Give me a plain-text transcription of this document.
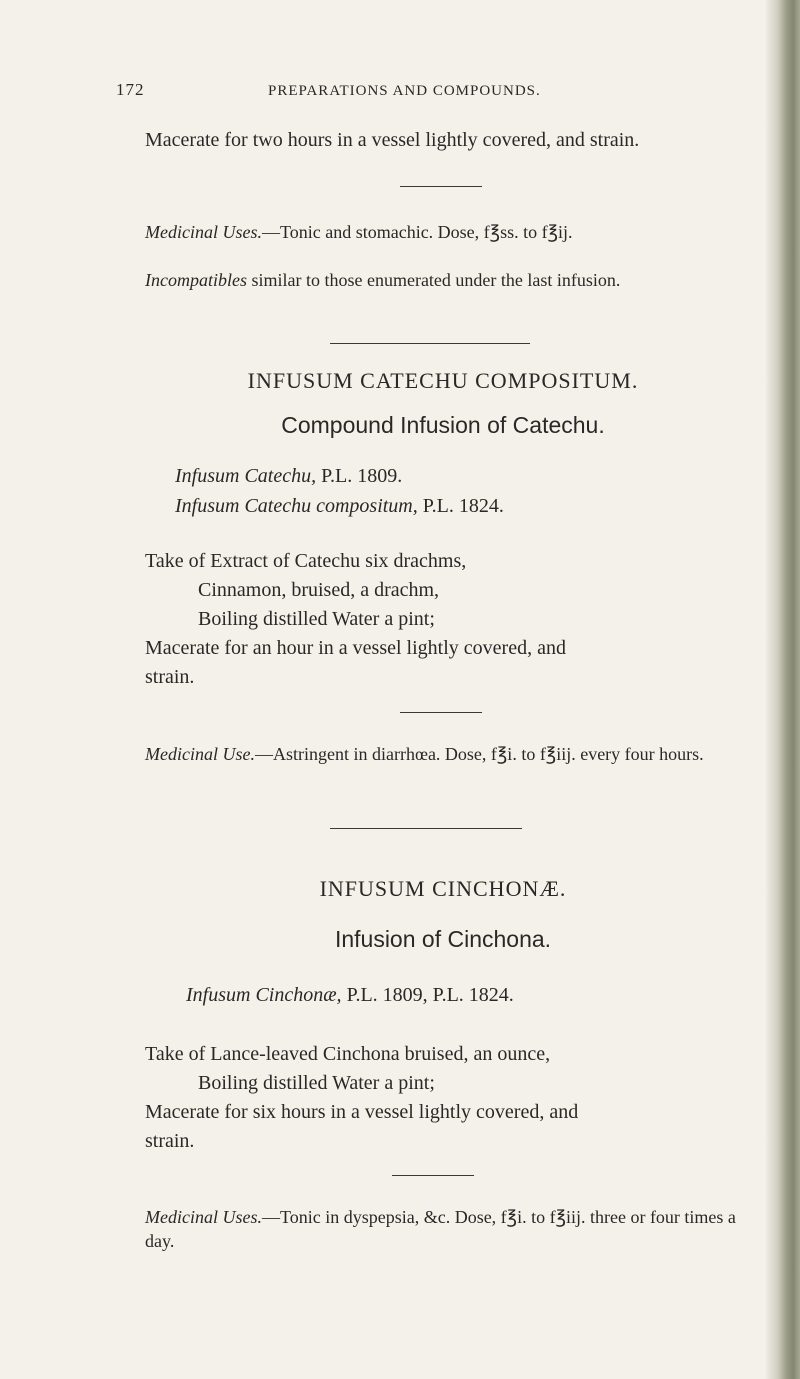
172	PREPARATIONS AND COMPOUNDS.

Macerate for two hours in a vessel lightly covered, and strain.

Medicinal Uses.—Tonic and stomachic. Dose, f℥ss. to f℥ij.

Incompatibles similar to those enumerated under the last infusion.

INFUSUM CATECHU COMPOSITUM.
Compound Infusion of Catechu.

Infusum Catechu, P.L. 1809.

Infusum Catechu compositum, P.L. 1824.

Take of Extract of Catechu six drachms,

Cinnamon, bruised, a drachm,

Boiling distilled Water a pint;

Macerate for an hour in a vessel lightly covered, and

strain.

Medicinal Use.—Astringent in diarrhœa. Dose, f℥i. to f℥iij. every four hours.

INFUSUM CINCHONÆ.
Infusion of Cinchona.

Infusum Cinchonæ, P.L. 1809, P.L. 1824.

Take of Lance-leaved Cinchona bruised, an ounce,

Boiling distilled Water a pint;

Macerate for six hours in a vessel lightly covered, and

strain.

Medicinal Uses.—Tonic in dyspepsia, &c. Dose, f℥i. to f℥iij. three or four times a day.
